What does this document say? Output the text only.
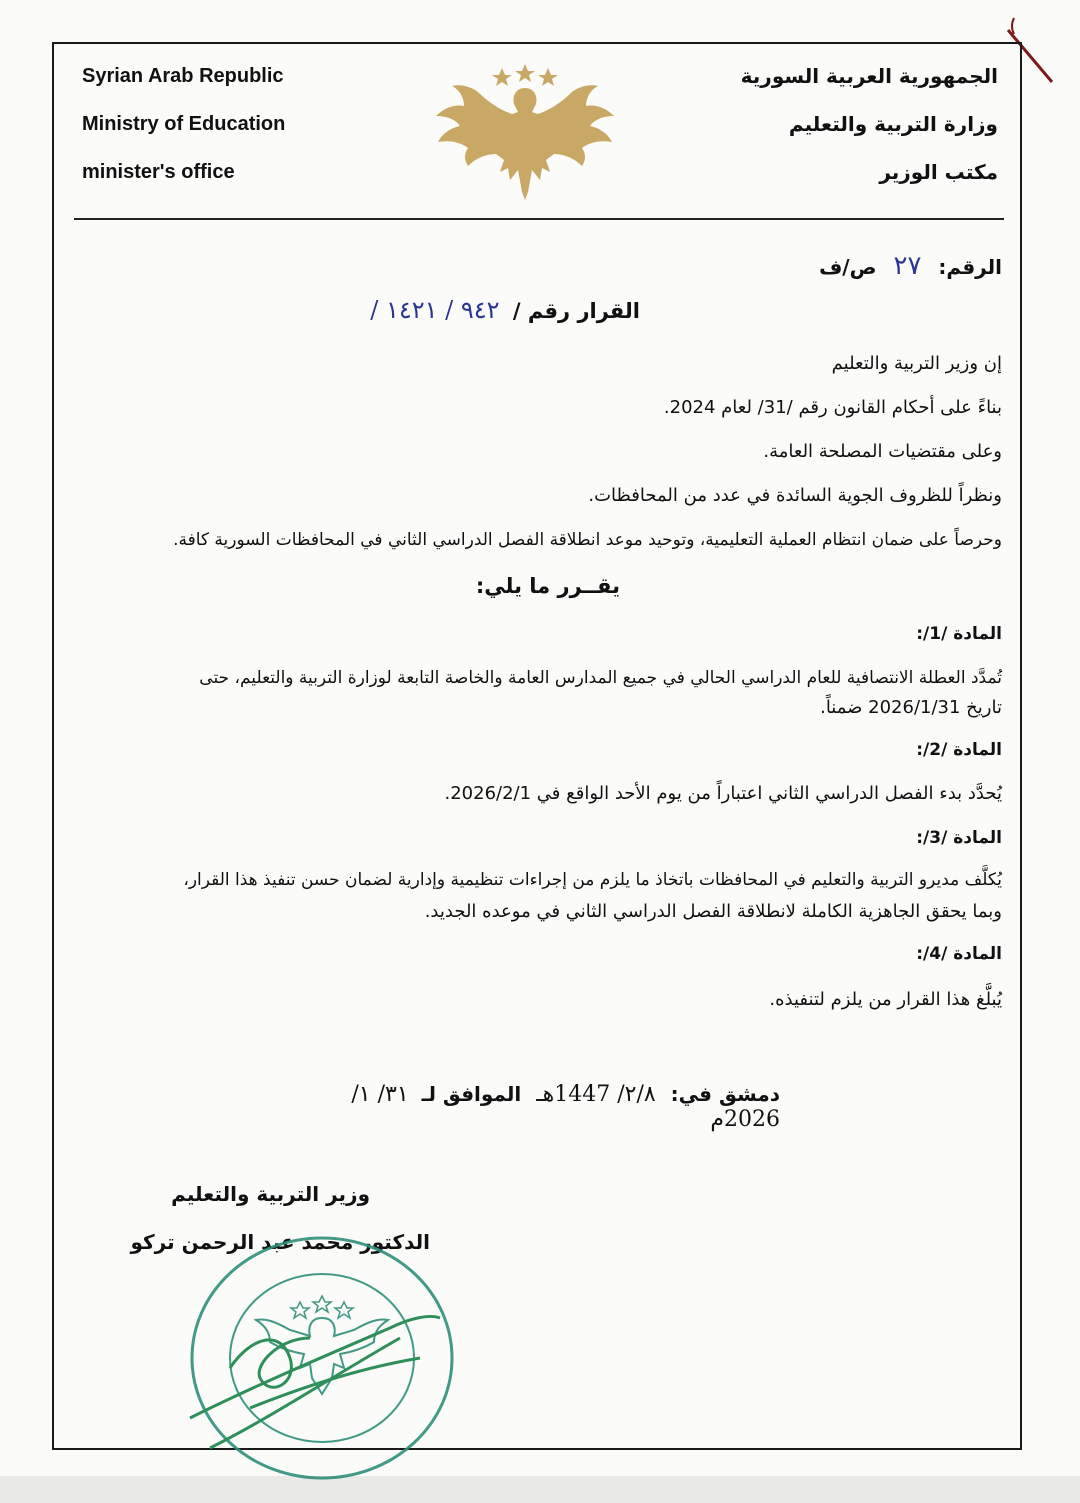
Syrian Arab Republic
Ministry of Education
minister's office
الجمهورية العربية السورية
وزارة التربية والتعليم
مكتب الوزير
الرقم: ٢٧ ص/ف
القرار رقم / ٩٤٢ / ١٤٢١ /
إن وزير التربية والتعليم
بناءً على أحكام القانون رقم /31/ لعام 2024.
وعلى مقتضيات المصلحة العامة.
ونظراً للظروف الجوية السائدة في عدد من المحافظات.
وحرصاً على ضمان انتظام العملية التعليمية، وتوحيد موعد انطلاقة الفصل الدراسي الثاني في المحافظات السورية كافة.
يقــرر ما يلي:
المادة /1/:
تُمدَّد العطلة الانتصافية للعام الدراسي الحالي في جميع المدارس العامة والخاصة التابعة لوزارة التربية والتعليم، حتى
تاريخ 2026/1/31 ضمناً.
المادة /2/:
يُحدَّد بدء الفصل الدراسي الثاني اعتباراً من يوم الأحد الواقع في 2026/2/1.
المادة /3/:
يُكلَّف مديرو التربية والتعليم في المحافظات باتخاذ ما يلزم من إجراءات تنظيمية وإدارية لضمان حسن تنفيذ هذا القرار،
وبما يحقق الجاهزية الكاملة لانطلاقة الفصل الدراسي الثاني في موعده الجديد.
المادة /4/:
يُبلَّغ هذا القرار من يلزم لتنفيذه.
دمشق في: ٢/٨/ 1447هـ الموافق لـ ٣١/ ١/ 2026م
وزير التربية والتعليم
الدكتور محمد عبد الرحمن تركو
